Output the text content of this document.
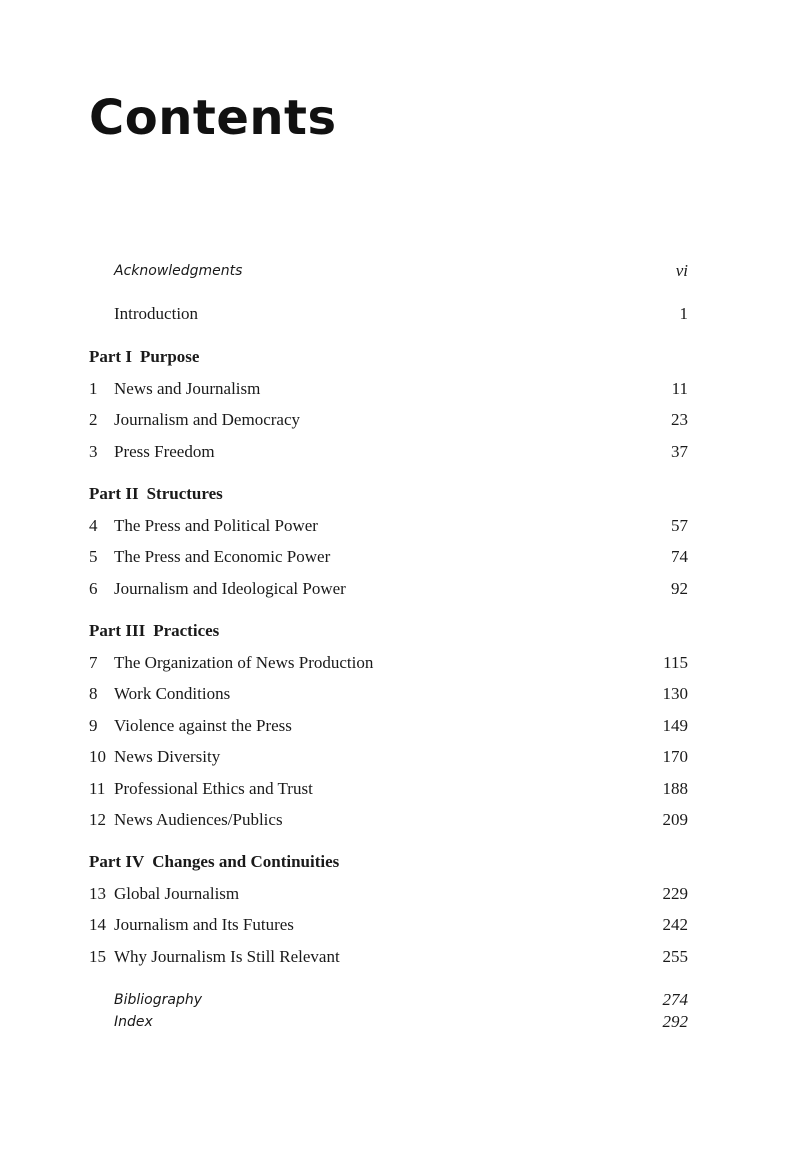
Contents
Acknowledgments	vi
Introduction	1
Part I Purpose
1 News and Journalism	11
2 Journalism and Democracy	23
3 Press Freedom	37
Part II Structures
4 The Press and Political Power	57
5 The Press and Economic Power	74
6 Journalism and Ideological Power	92
Part III Practices
7 The Organization of News Production	115
8 Work Conditions	130
9 Violence against the Press	149
10 News Diversity	170
11 Professional Ethics and Trust	188
12 News Audiences/Publics	209
Part IV Changes and Continuities
13 Global Journalism	229
14 Journalism and Its Futures	242
15 Why Journalism Is Still Relevant	255
Bibliography	274
Index	292
